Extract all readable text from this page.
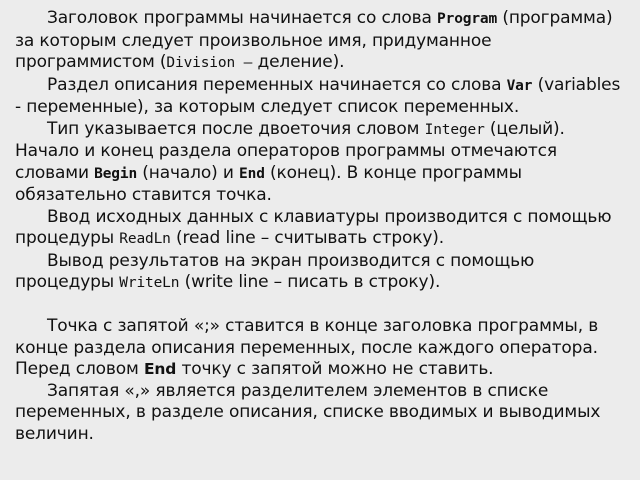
Заголовок программы начинается со слова Program (программа) за которым следует произвольное имя, придуманное программистом (Division – деление).

Раздел описания переменных начинается со слова Var (variables - переменные), за которым следует список переменных.

Тип указывается после двоеточия словом Integer (целый). Начало и конец раздела операторов программы отмечаются словами Begin (начало) и End (конец). В конце программы обязательно ставится точка.

Ввод исходных данных с клавиатуры производится с помощью процедуры ReadLn (read line – считывать строку).

Вывод результатов на экран производится с помощью процедуры WriteLn (write line – писать в строку).

Точка с запятой «;» ставится в конце заголовка программы, в конце раздела описания переменных, после каждого оператора. Перед словом End точку с запятой можно не ставить.

Запятая «,» является разделителем элементов в списке переменных, в разделе описания, списке вводимых и выводимых величин.
